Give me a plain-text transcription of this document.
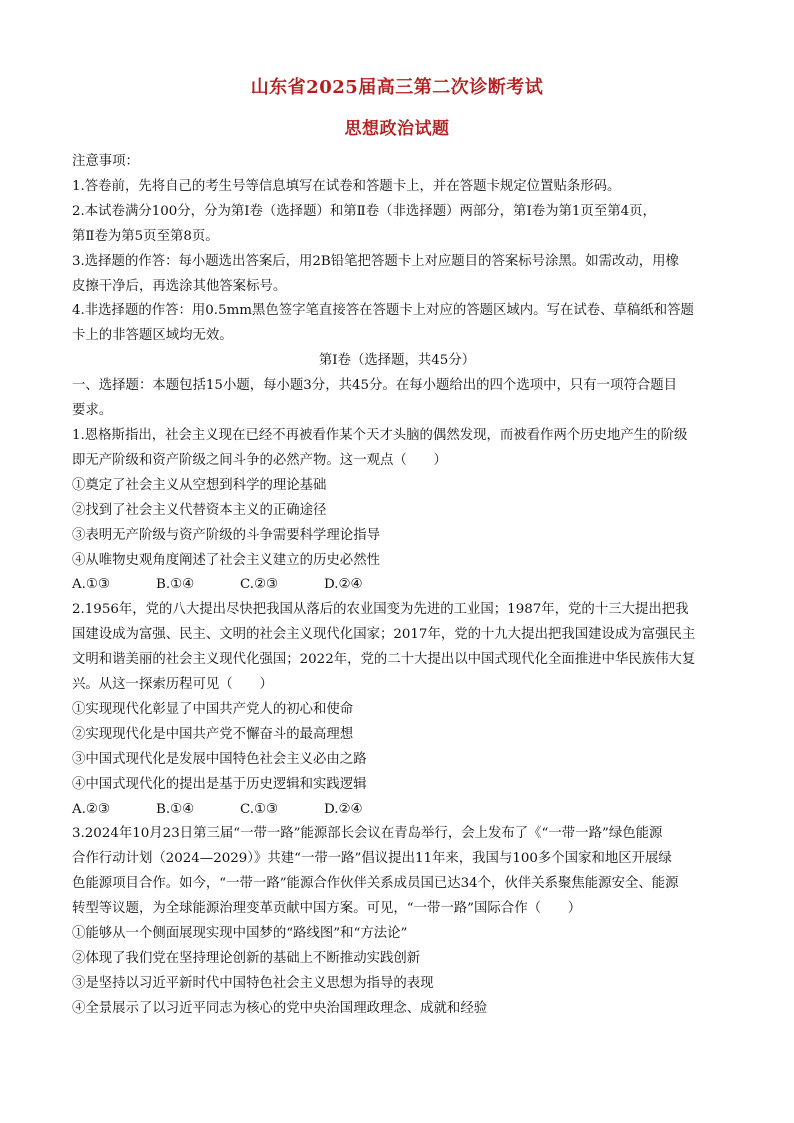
山东省2025届高三第二次诊断考试
思想政治试题
注意事项：
1.答卷前，先将自己的考生号等信息填写在试卷和答题卡上，并在答题卡规定位置贴条形码。
2.本试卷满分100分，分为第Ⅰ卷（选择题）和第Ⅱ卷（非选择题）两部分，第Ⅰ卷为第1页至第4页，
第Ⅱ卷为第5页至第8页。
3.选择题的作答：每小题选出答案后，用2B铅笔把答题卡上对应题目的答案标号涂黑。如需改动，用橡
皮擦干净后，再选涂其他答案标号。
4.非选择题的作答：用0.5mm黑色签字笔直接答在答题卡上对应的答题区域内。写在试卷、草稿纸和答题
卡上的非答题区域均无效。
第Ⅰ卷（选择题，共45分）
一、选择题：本题包括15小题，每小题3分，共45分。在每小题给出的四个选项中，只有一项符合题目
要求。
1.恩格斯指出，社会主义现在已经不再被看作某个天才头脑的偶然发现，而被看作两个历史地产生的阶级
即无产阶级和资产阶级之间斗争的必然产物。这一观点（　　）
①奠定了社会主义从空想到科学的理论基础
②找到了社会主义代替资本主义的正确途径
③表明无产阶级与资产阶级的斗争需要科学理论指导
④从唯物史观角度阐述了社会主义建立的历史必然性
A.①③	B.①④	C.②③	D.②④
2.1956年，党的八大提出尽快把我国从落后的农业国变为先进的工业国；1987年，党的十三大提出把我
国建设成为富强、民主、文明的社会主义现代化国家；2017年，党的十九大提出把我国建设成为富强民主
文明和谐美丽的社会主义现代化强国；2022年，党的二十大提出以中国式现代化全面推进中华民族伟大复
兴。从这一探索历程可见（　　）
①实现现代化彰显了中国共产党人的初心和使命
②实现现代化是中国共产党不懈奋斗的最高理想
③中国式现代化是发展中国特色社会主义必由之路
④中国式现代化的提出是基于历史逻辑和实践逻辑
A.②③	B.①④	C.①③	D.②④
3.2024年10月23日第三届“一带一路”能源部长会议在青岛举行，会上发布了《“一带一路”绿色能源
合作行动计划（2024—2029）》共建“一带一路”倡议提出11年来，我国与100多个国家和地区开展绿
色能源项目合作。如今，“一带一路”能源合作伙伴关系成员国已达34个，伙伴关系聚焦能源安全、能源
转型等议题，为全球能源治理变革贡献中国方案。可见，“一带一路”国际合作（　　）
①能够从一个侧面展现实现中国梦的“路线图”和“方法论”
②体现了我们党在坚持理论创新的基础上不断推动实践创新
③是坚持以习近平新时代中国特色社会主义思想为指导的表现
④全景展示了以习近平同志为核心的党中央治国理政理念、成就和经验
